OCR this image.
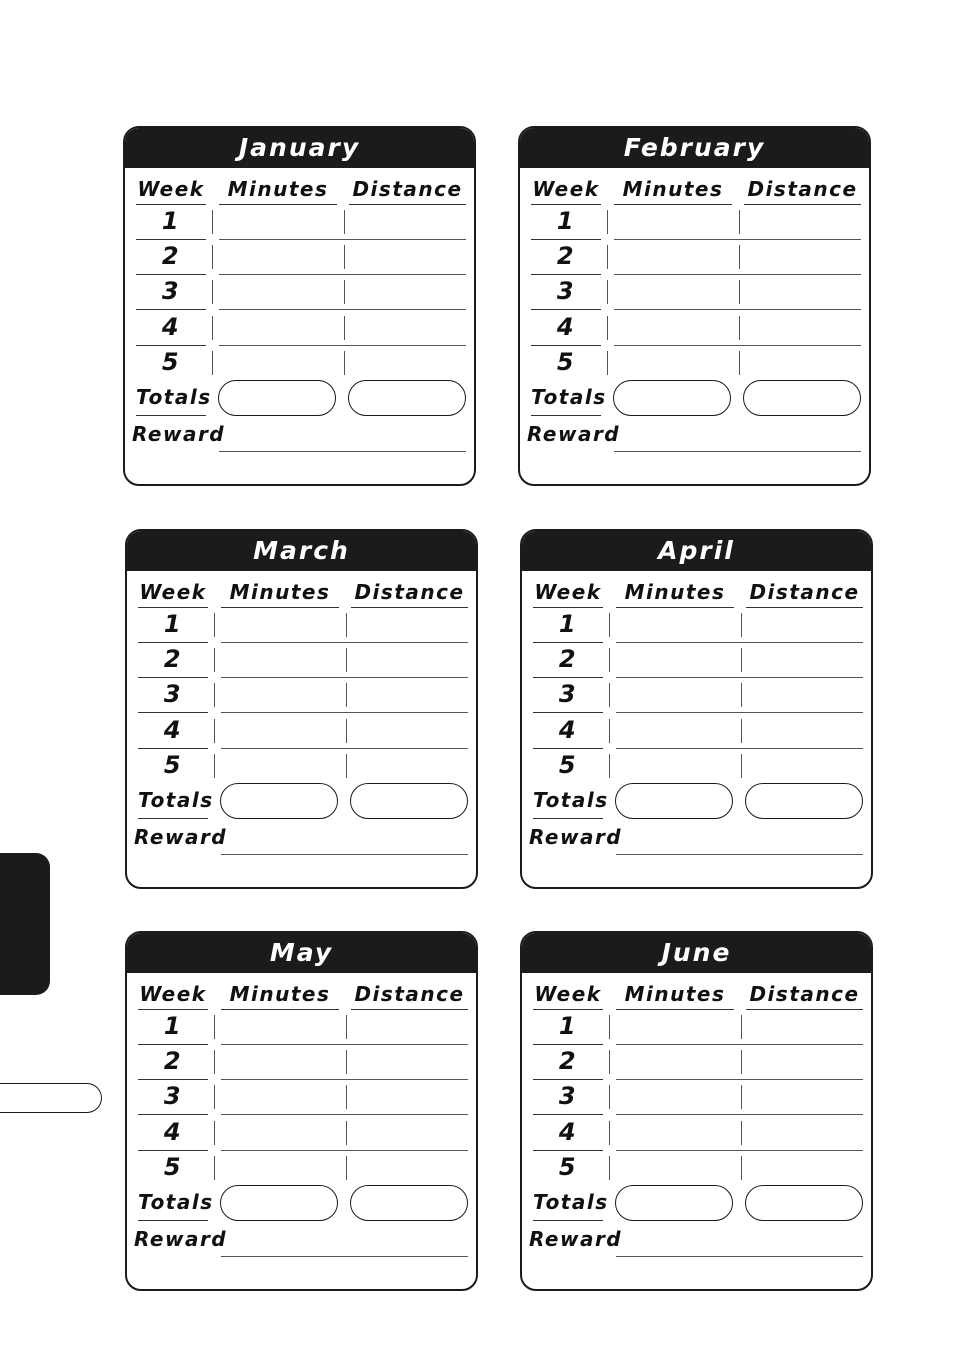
January
Week	Minutes	Distance
1
2
3
4
5
Totals
Reward
February
Week	Minutes	Distance
1
2
3
4
5
Totals
Reward
March
Week	Minutes	Distance
1
2
3
4
5
Totals
Reward
April
Week	Minutes	Distance
1
2
3
4
5
Totals
Reward
May
Week	Minutes	Distance
1
2
3
4
5
Totals
Reward
June
Week	Minutes	Distance
1
2
3
4
5
Totals
Reward
